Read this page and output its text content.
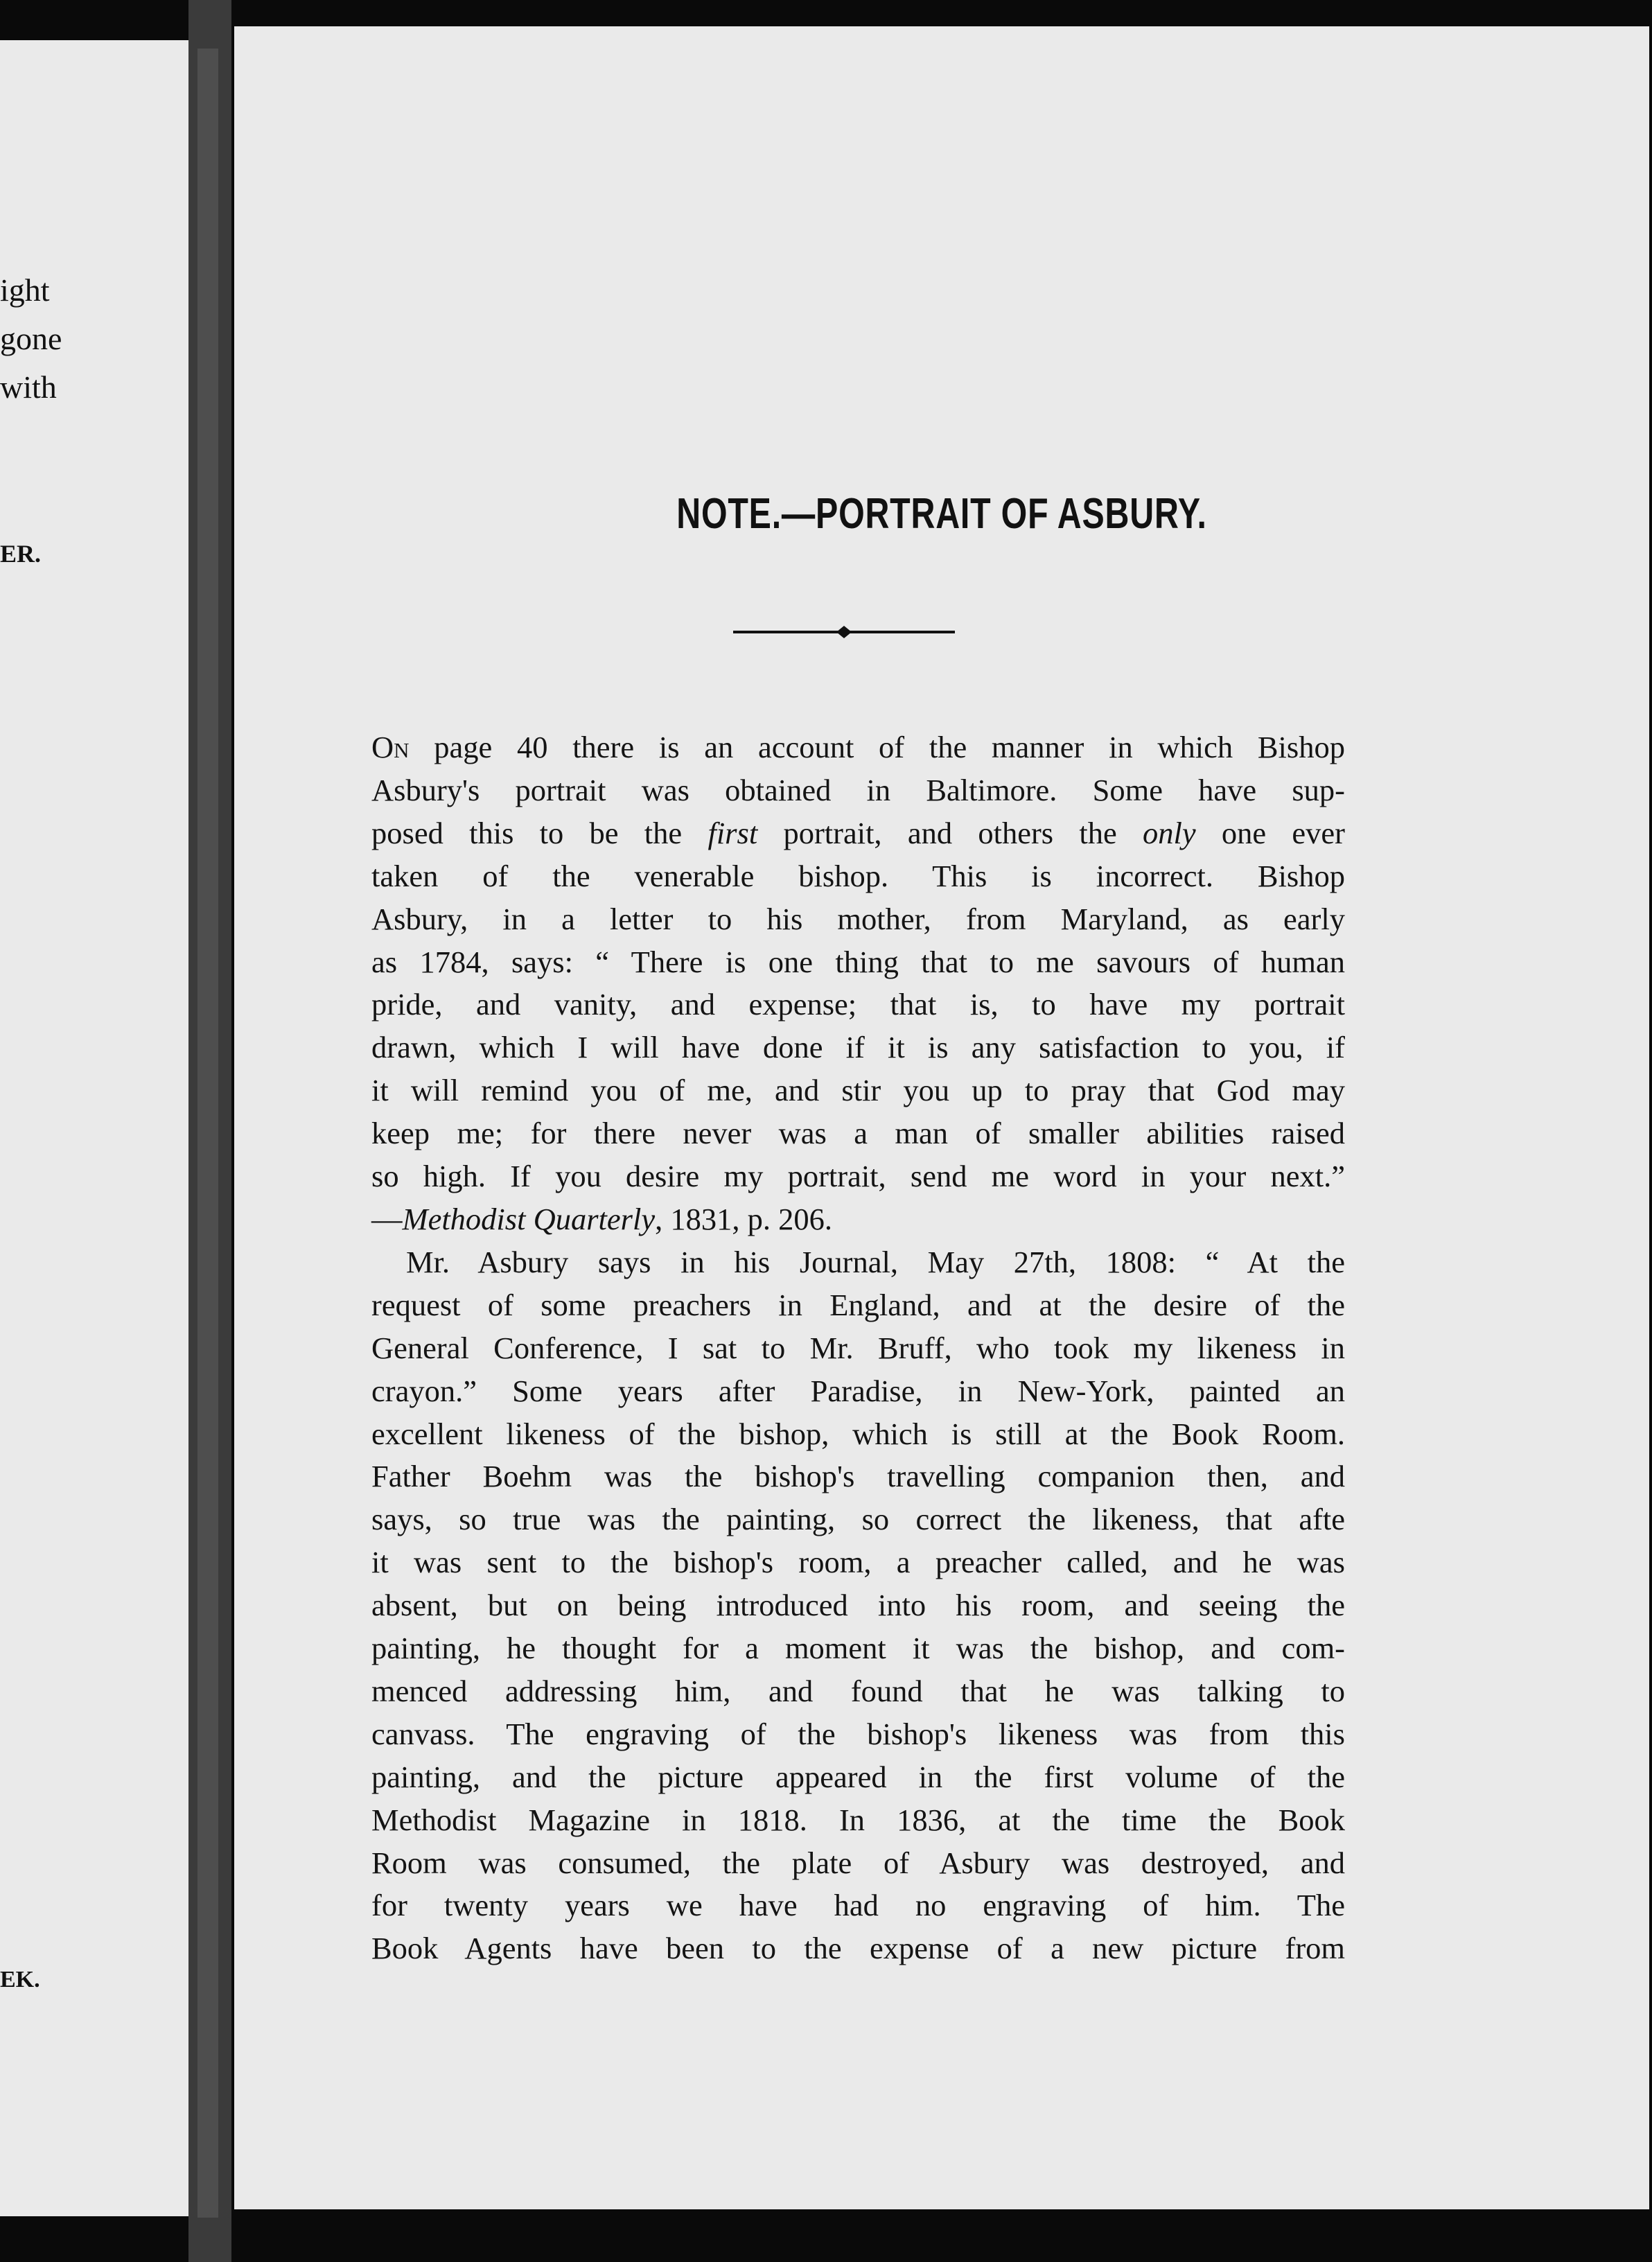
ight

gone

with

ER.

EK.

NOTE.—PORTRAIT OF ASBURY.
On page 40 there is an account of the manner in which Bishop
Asbury's portrait was obtained in Baltimore. Some have sup-
posed this to be the first portrait, and others the only one ever
taken of the venerable bishop. This is incorrect. Bishop
Asbury, in a letter to his mother, from Maryland, as early
as 1784, says: “ There is one thing that to me savours of human
pride, and vanity, and expense; that is, to have my portrait
drawn, which I will have done if it is any satisfaction to you, if
it will remind you of me, and stir you up to pray that God may
keep me; for there never was a man of smaller abilities raised
so high. If you desire my portrait, send me word in your next.”
—Methodist Quarterly, 1831, p. 206.
Mr. Asbury says in his Journal, May 27th, 1808: “ At the
request of some preachers in England, and at the desire of the
General Conference, I sat to Mr. Bruff, who took my likeness in
crayon.” Some years after Paradise, in New-York, painted an
excellent likeness of the bishop, which is still at the Book Room.
Father Boehm was the bishop's travelling companion then, and
says, so true was the painting, so correct the likeness, that afte
it was sent to the bishop's room, a preacher called, and he was
absent, but on being introduced into his room, and seeing the
painting, he thought for a moment it was the bishop, and com-
menced addressing him, and found that he was talking to
canvass. The engraving of the bishop's likeness was from this
painting, and the picture appeared in the first volume of the
Methodist Magazine in 1818. In 1836, at the time the Book
Room was consumed, the plate of Asbury was destroyed, and
for twenty years we have had no engraving of him. The
Book Agents have been to the expense of a new picture from
